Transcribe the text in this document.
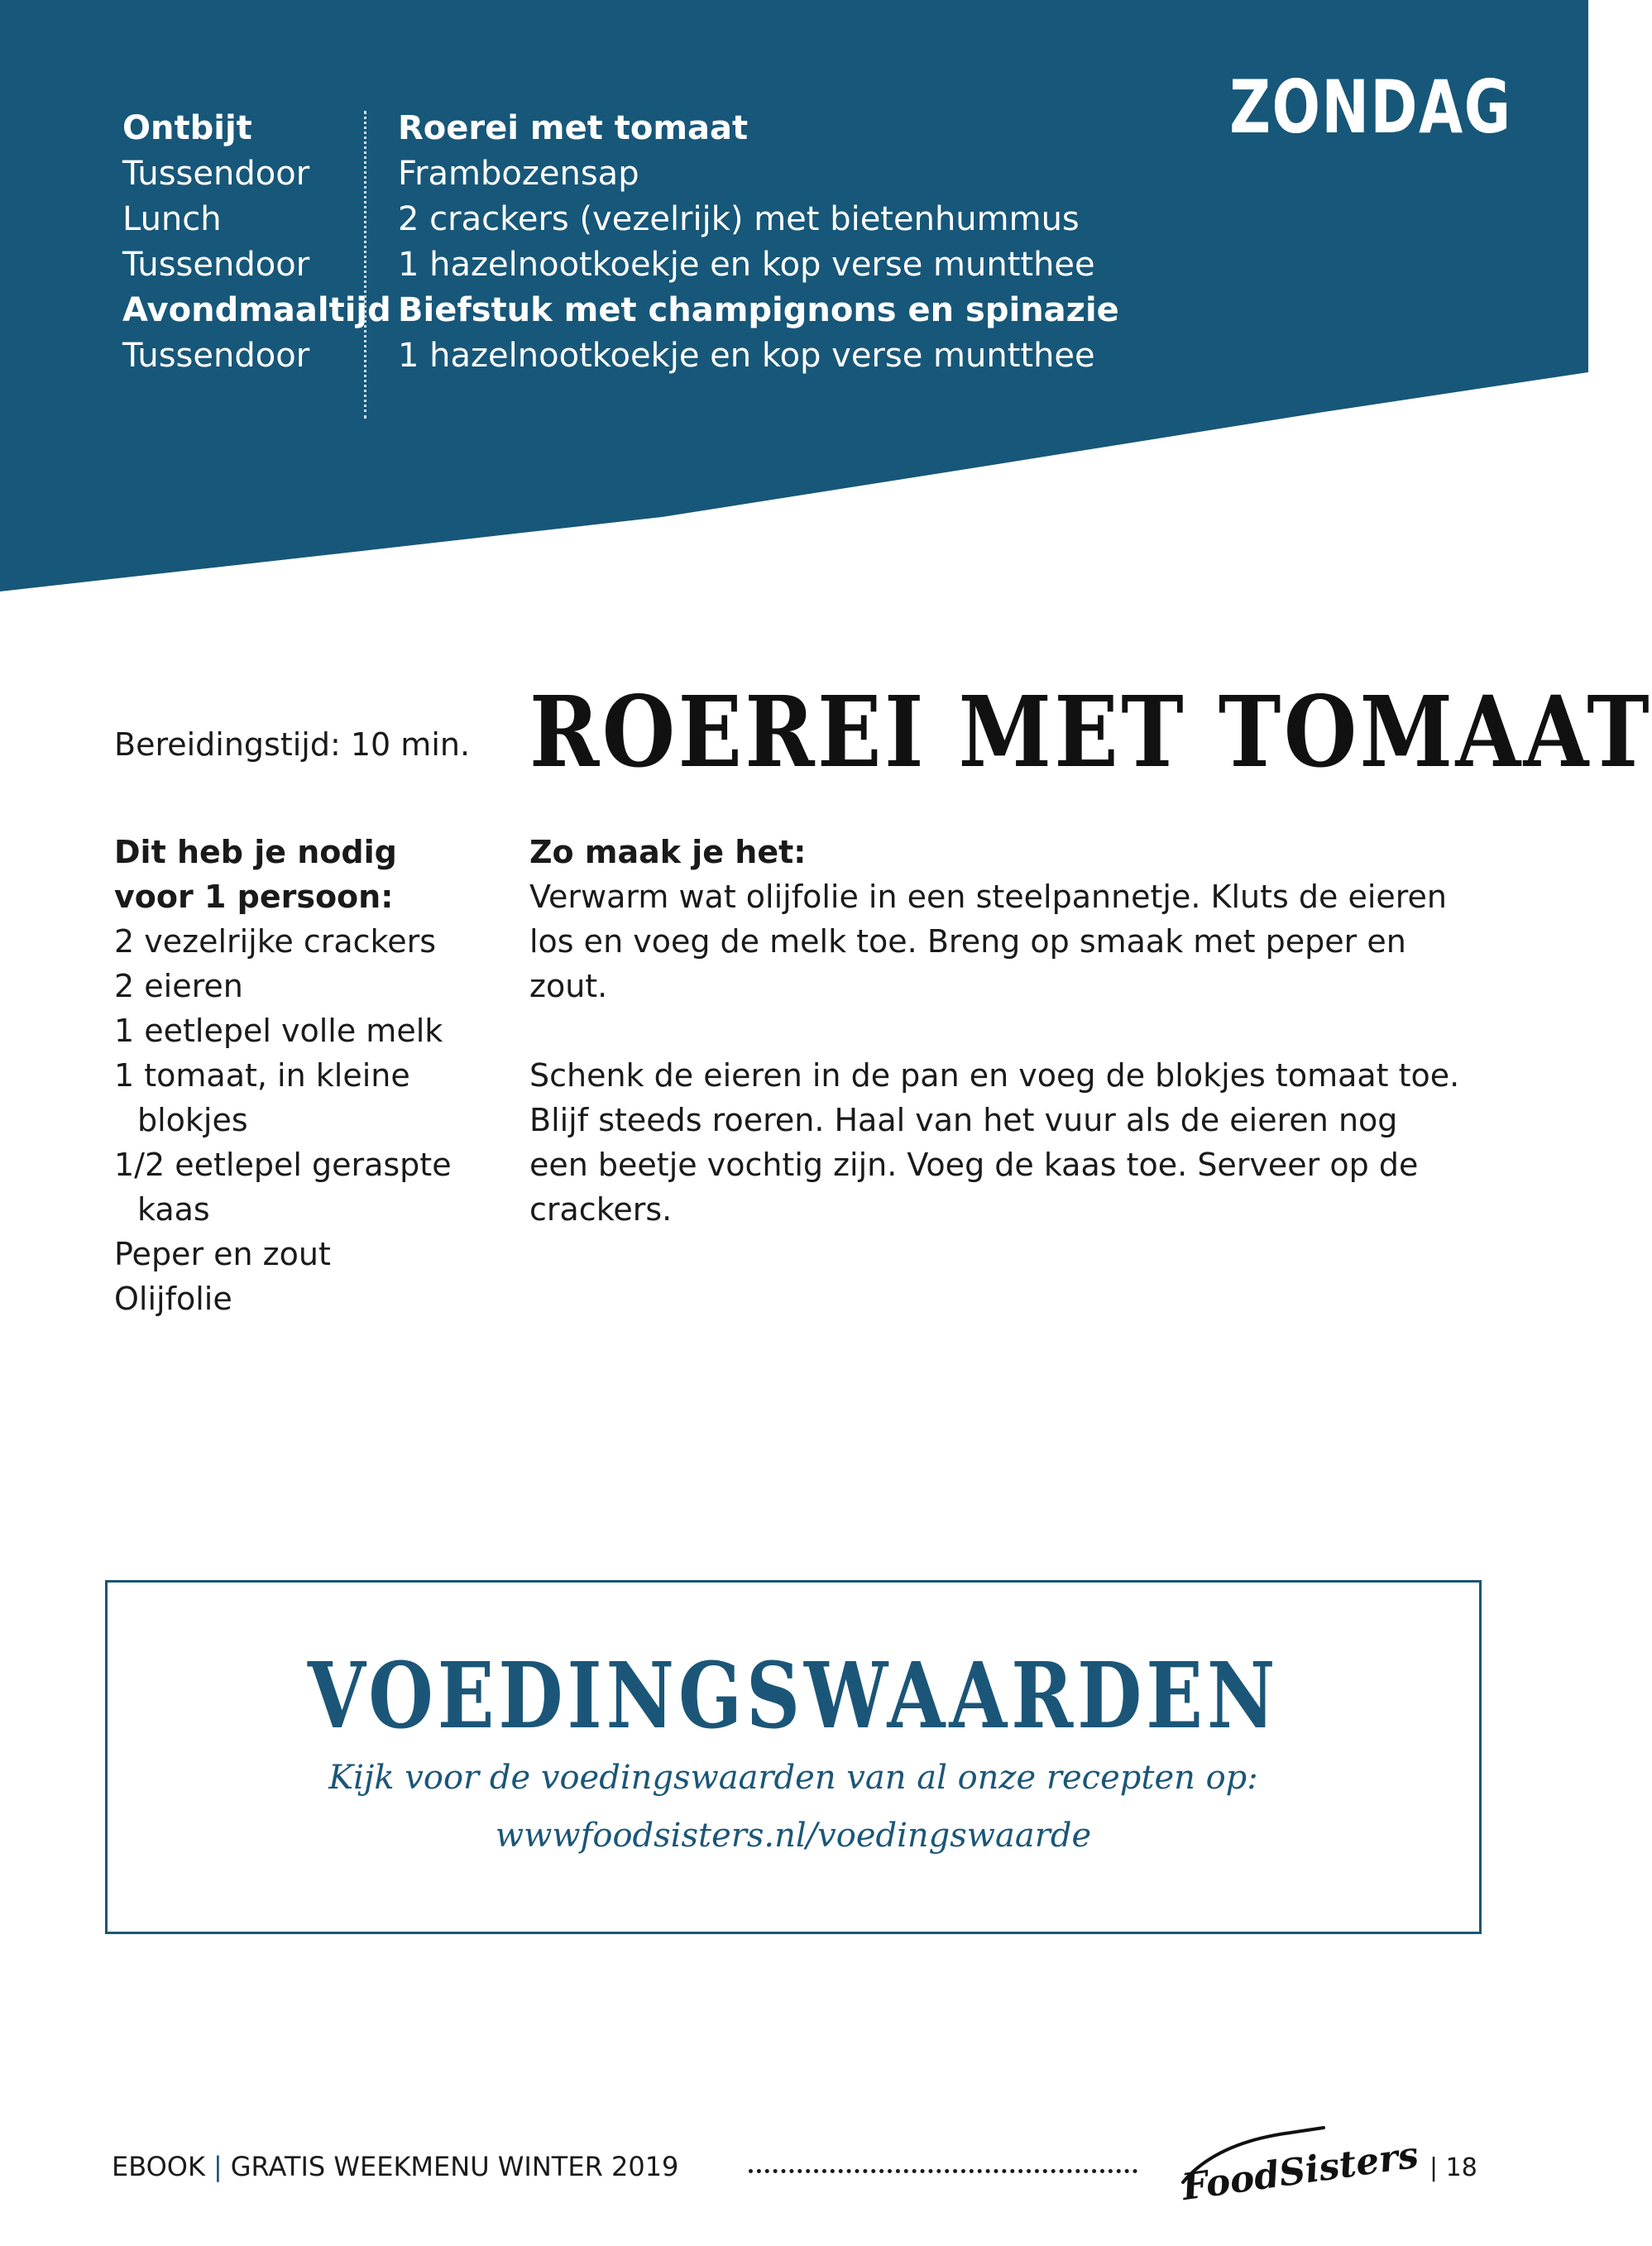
Ontbijt
Tussendoor
Lunch
Tussendoor
Avondmaaltijd
Tussendoor
Roerei met tomaat
Frambozensap
2 crackers (vezelrijk) met bietenhummus
1 hazelnootkoekje en kop verse muntthee
Biefstuk met champignons en spinazie
1 hazelnootkoekje en kop verse muntthee
ZONDAG
Bereidingstijd: 10 min. ROEREI MET TOMAAT
Dit heb je nodig
voor 1 persoon:
2 vezelrijke crackers
2 eieren
1 eetlepel volle melk
1 tomaat, in kleine blokjes
1/2 eetlepel geraspte kaas
Peper en zout
Olijfolie
Zo maak je het:

Verwarm wat olijfolie in een steelpannetje. Kluts de eieren

los en voeg de melk toe. Breng op smaak met peper en zout.

Schenk de eieren in de pan en voeg de blokjes tomaat toe.

Blijf steeds roeren. Haal van het vuur als de eieren nog

een beetje vochtig zijn. Voeg de kaas toe. Serveer op de

crackers.

VOEDINGSWAARDEN
Kijk voor de voedingswaarden van al onze recepten op:
wwwfoodsisters.nl/voedingswaarde
EBOOK | GRATIS WEEKMENU WINTER 2019	FoodSisters | 18
